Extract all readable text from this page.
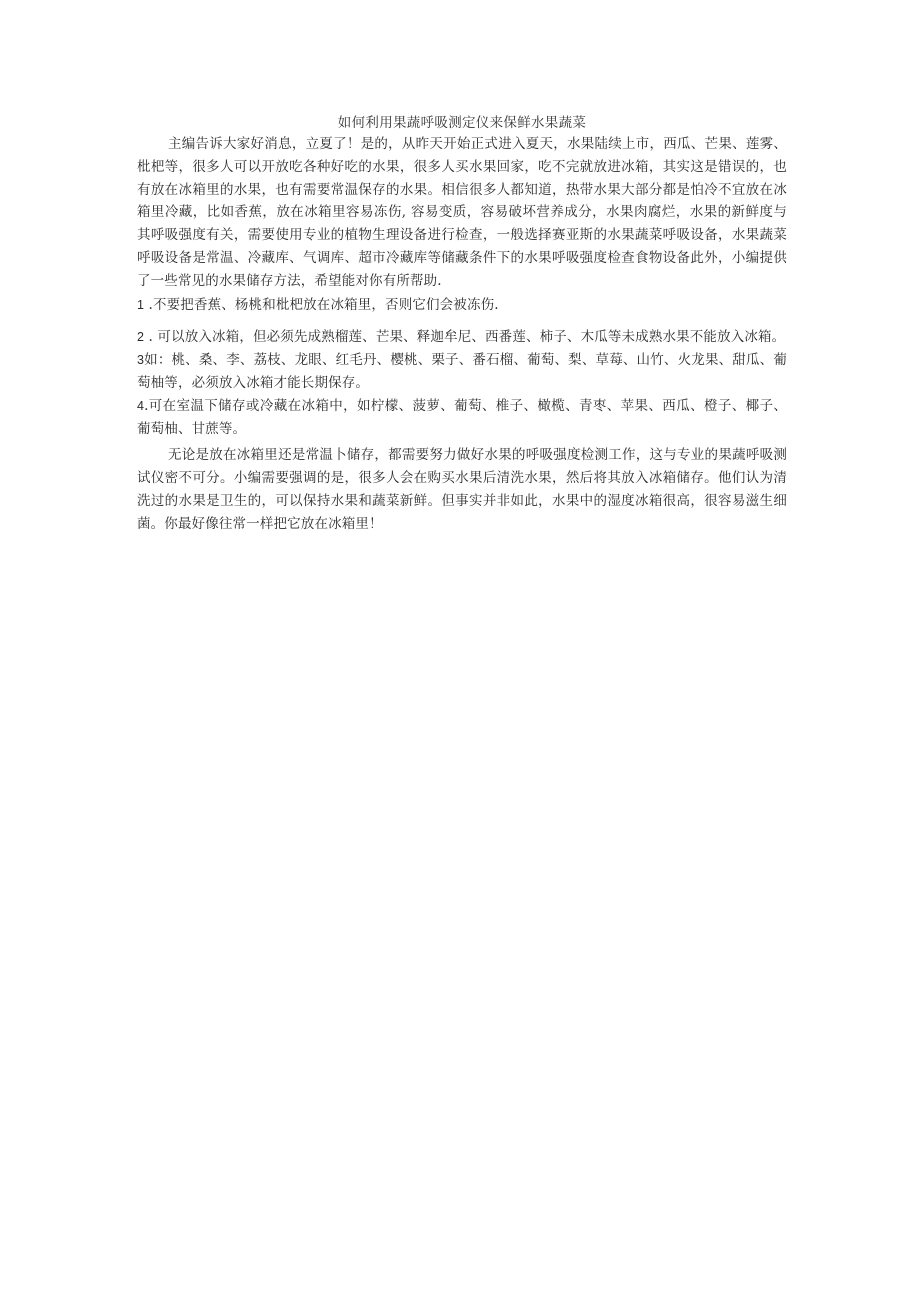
如何利用果蔬呼吸测定仪来保鲜水果蔬菜

主编告诉大家好消息，立夏了！是的，从昨天开始正式进入夏天，水果陆续上市，西瓜、芒果、莲雾、枇杷等，很多人可以开放吃各种好吃的水果，很多人买水果回家，吃不完就放进冰箱，其实这是错误的，也有放在冰箱里的水果，也有需要常温保存的水果。相信很多人都知道，热带水果大部分都是怕冷不宜放在冰箱里冷藏，比如香蕉，放在冰箱里容易冻伤, 容易变质，容易破坏营养成分，水果肉腐烂，水果的新鲜度与其呼吸强度有关，需要使用专业的植物生理设备进行检查，一般选择赛亚斯的水果蔬菜呼吸设备，水果蔬菜呼吸设备是常温、冷藏库、气调库、超市冷藏库等储藏条件下的水果呼吸强度检查食物设备此外，小编提供了一些常见的水果储存方法，希望能对你有所帮助.

1 .不要把香蕉、杨桃和枇杷放在冰箱里，否则它们会被冻伤.

2 . 可以放入冰箱，但必须先成熟榴莲、芒果、释迦牟尼、西番莲、柿子、木瓜等未成熟水果不能放入冰箱。

3如：桃、桑、李、荔枝、龙眼、红毛丹、樱桃、栗子、番石榴、葡萄、梨、草莓、山竹、火龙果、甜瓜、葡萄柚等，必须放入冰箱才能长期保存。

4.可在室温下储存或冷藏在冰箱中，如柠檬、菠萝、葡萄、椎子、橄榄、青枣、苹果、西瓜、橙子、椰子、葡萄柚、甘蔗等。

无论是放在冰箱里还是常温卜储存，都需要努力做好水果的呼吸强度检测工作，这与专业的果蔬呼吸测试仪密不可分。小编需要强调的是，很多人会在购买水果后清洗水果，然后将其放入冰箱储存。他们认为清洗过的水果是卫生的，可以保持水果和蔬菜新鲜。但事实并非如此，水果中的湿度冰箱很高，很容易滋生细菌。你最好像往常一样把它放在冰箱里！
